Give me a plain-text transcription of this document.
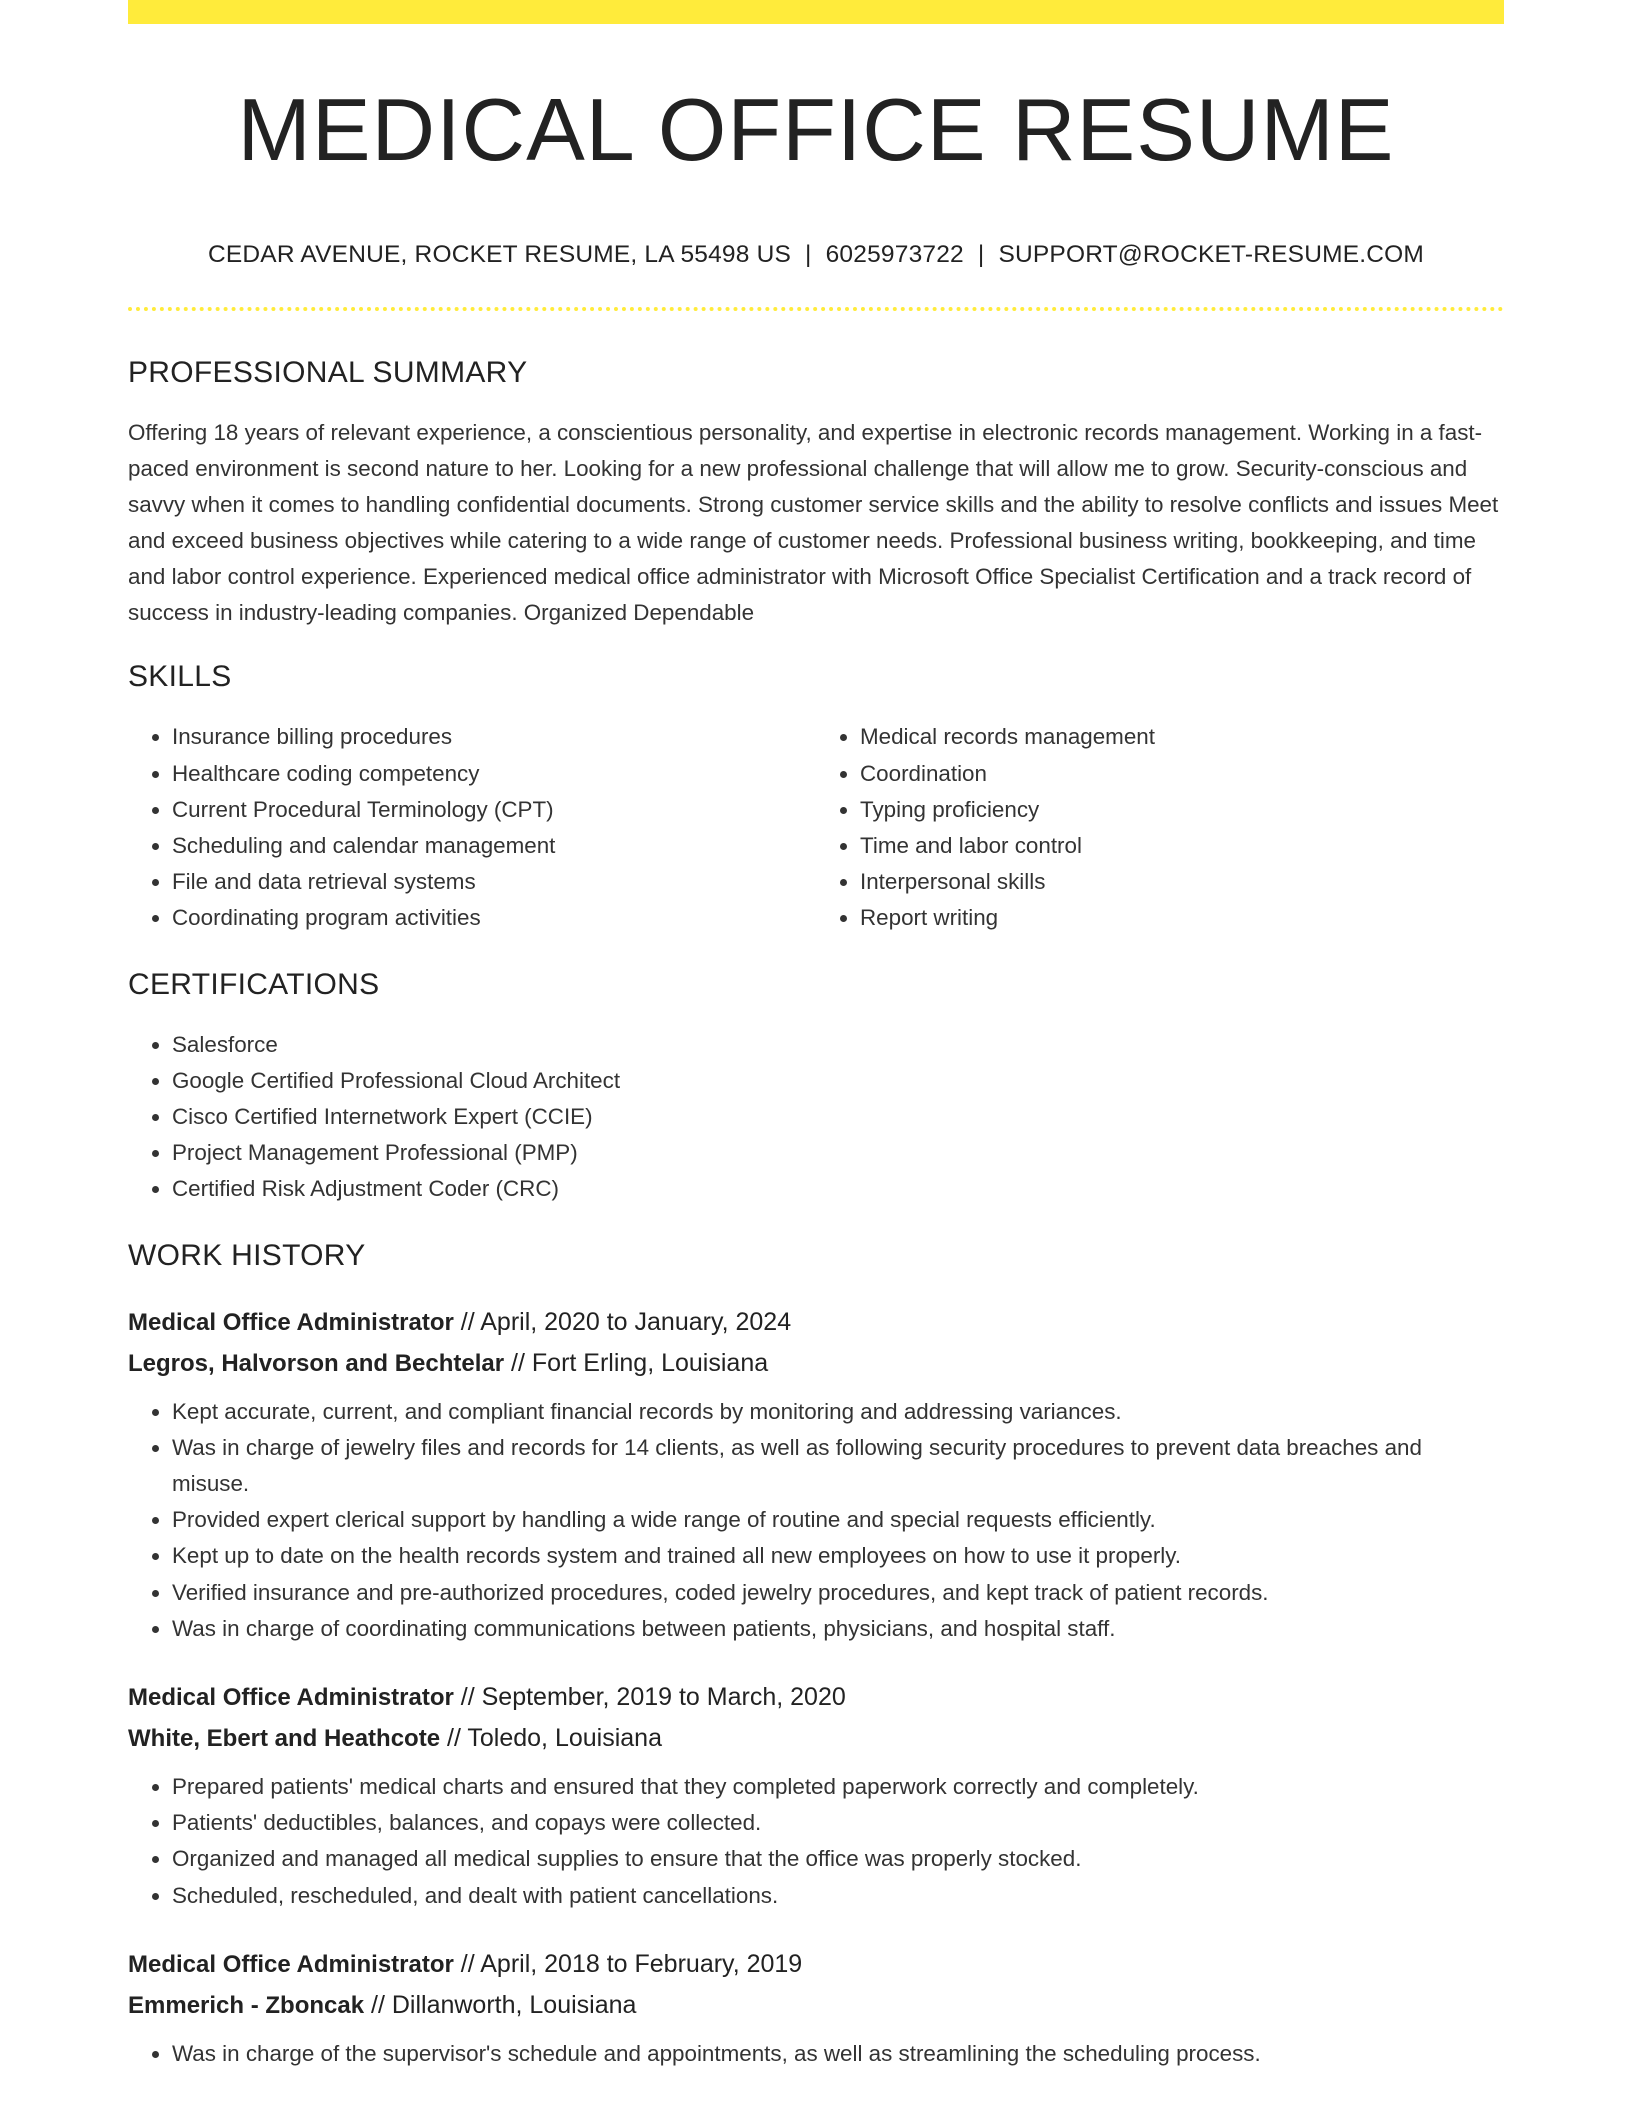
MEDICAL OFFICE RESUME
CEDAR AVENUE, ROCKET RESUME, LA 55498 US | 6025973722 | SUPPORT@ROCKET-RESUME.COM
PROFESSIONAL SUMMARY

Offering 18 years of relevant experience, a conscientious personality, and expertise in electronic records management. Working in a fast-paced environment is second nature to her. Looking for a new professional challenge that will allow me to grow. Security-conscious and savvy when it comes to handling confidential documents. Strong customer service skills and the ability to resolve conflicts and issues Meet and exceed business objectives while catering to a wide range of customer needs. Professional business writing, bookkeeping, and time and labor control experience. Experienced medical office administrator with Microsoft Office Specialist Certification and a track record of success in industry-leading companies. Organized Dependable

SKILLS
• Insurance billing procedures
• Healthcare coding competency
• Current Procedural Terminology (CPT)
• Scheduling and calendar management
• File and data retrieval systems
• Coordinating program activities
• Medical records management
• Coordination
• Typing proficiency
• Time and labor control
• Interpersonal skills
• Report writing
CERTIFICATIONS
• Salesforce
• Google Certified Professional Cloud Architect
• Cisco Certified Internetwork Expert (CCIE)
• Project Management Professional (PMP)
• Certified Risk Adjustment Coder (CRC)
WORK HISTORY
Medical Office Administrator // April, 2020 to January, 2024
Legros, Halvorson and Bechtelar // Fort Erling, Louisiana
• Kept accurate, current, and compliant financial records by monitoring and addressing variances.
• Was in charge of jewelry files and records for 14 clients, as well as following security procedures to prevent data breaches and misuse.
• Provided expert clerical support by handling a wide range of routine and special requests efficiently.
• Kept up to date on the health records system and trained all new employees on how to use it properly.
• Verified insurance and pre-authorized procedures, coded jewelry procedures, and kept track of patient records.
• Was in charge of coordinating communications between patients, physicians, and hospital staff.
Medical Office Administrator // September, 2019 to March, 2020
White, Ebert and Heathcote // Toledo, Louisiana
• Prepared patients' medical charts and ensured that they completed paperwork correctly and completely.
• Patients' deductibles, balances, and copays were collected.
• Organized and managed all medical supplies to ensure that the office was properly stocked.
• Scheduled, rescheduled, and dealt with patient cancellations.
Medical Office Administrator // April, 2018 to February, 2019
Emmerich - Zboncak // Dillanworth, Louisiana
• Was in charge of the supervisor's schedule and appointments, as well as streamlining the scheduling process.
